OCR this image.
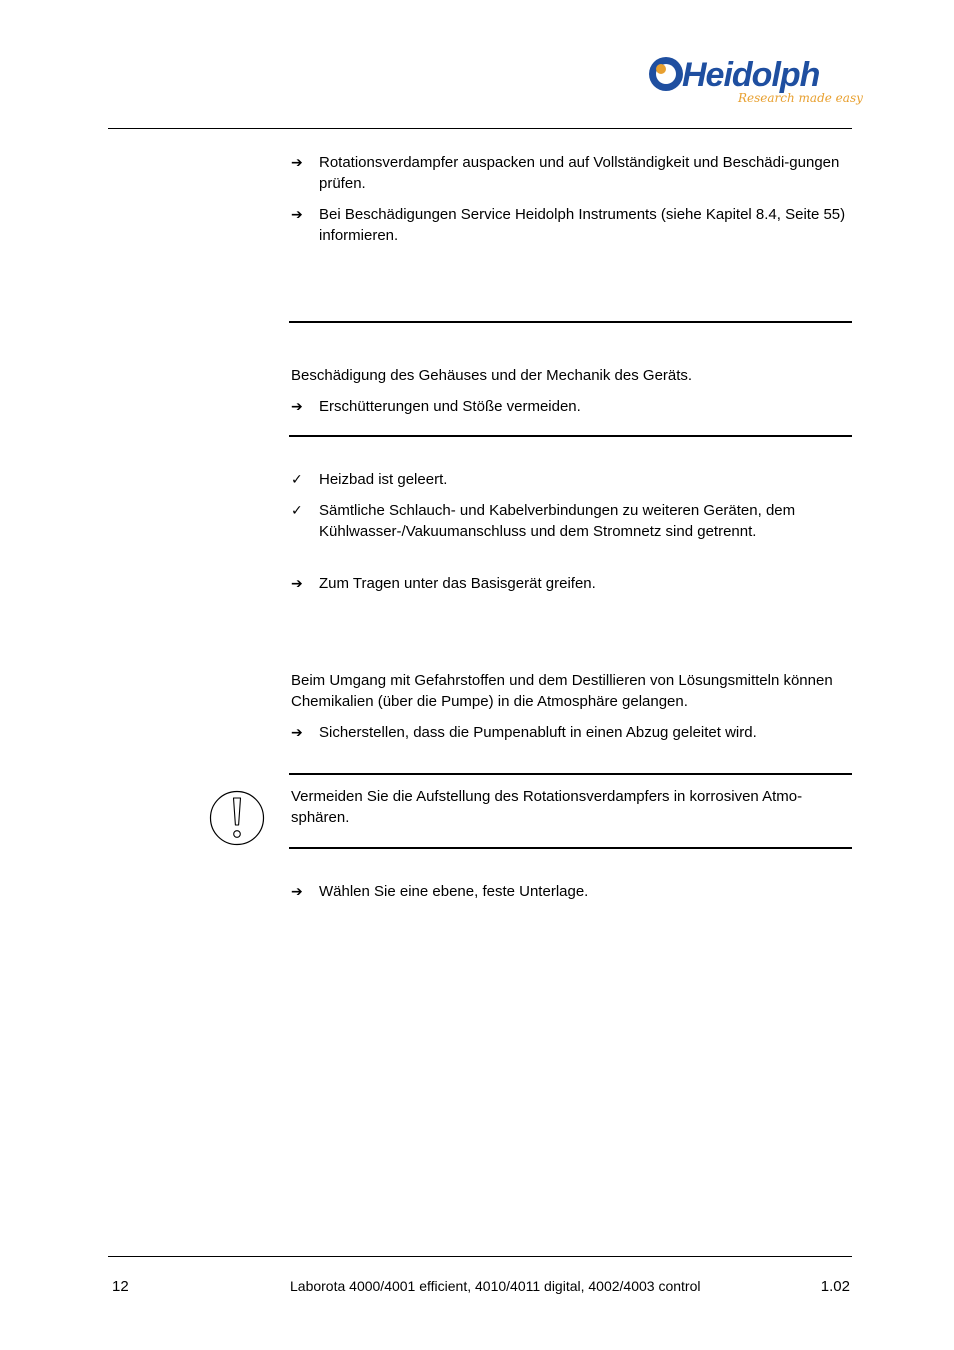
Heidolph
Research made easy
➔	Rotationsverdampfer auspacken und auf Vollständigkeit und Beschädi-gungen prüfen.
➔	Bei Beschädigungen Service Heidolph Instruments (siehe Kapitel 8.4, Seite 55) informieren.
Beschädigung des Gehäuses und der Mechanik des Geräts.
➔	Erschütterungen und Stöße vermeiden.
✓	Heizbad ist geleert.
✓	Sämtliche Schlauch- und Kabelverbindungen zu weiteren Geräten, dem Kühlwasser-/Vakuumanschluss und dem Stromnetz sind getrennt.
➔	Zum Tragen unter das Basisgerät greifen.
Beim Umgang mit Gefahrstoffen und dem Destillieren von Lösungsmitteln können Chemikalien (über die Pumpe) in die Atmosphäre gelangen.
➔	Sicherstellen, dass die Pumpenabluft in einen Abzug geleitet wird.
Vermeiden Sie die Aufstellung des Rotationsverdampfers in korrosiven Atmo-sphären.
➔	Wählen Sie eine ebene, feste Unterlage.
12	Laborota 4000/4001 efficient, 4010/4011 digital, 4002/4003 control	1.02
